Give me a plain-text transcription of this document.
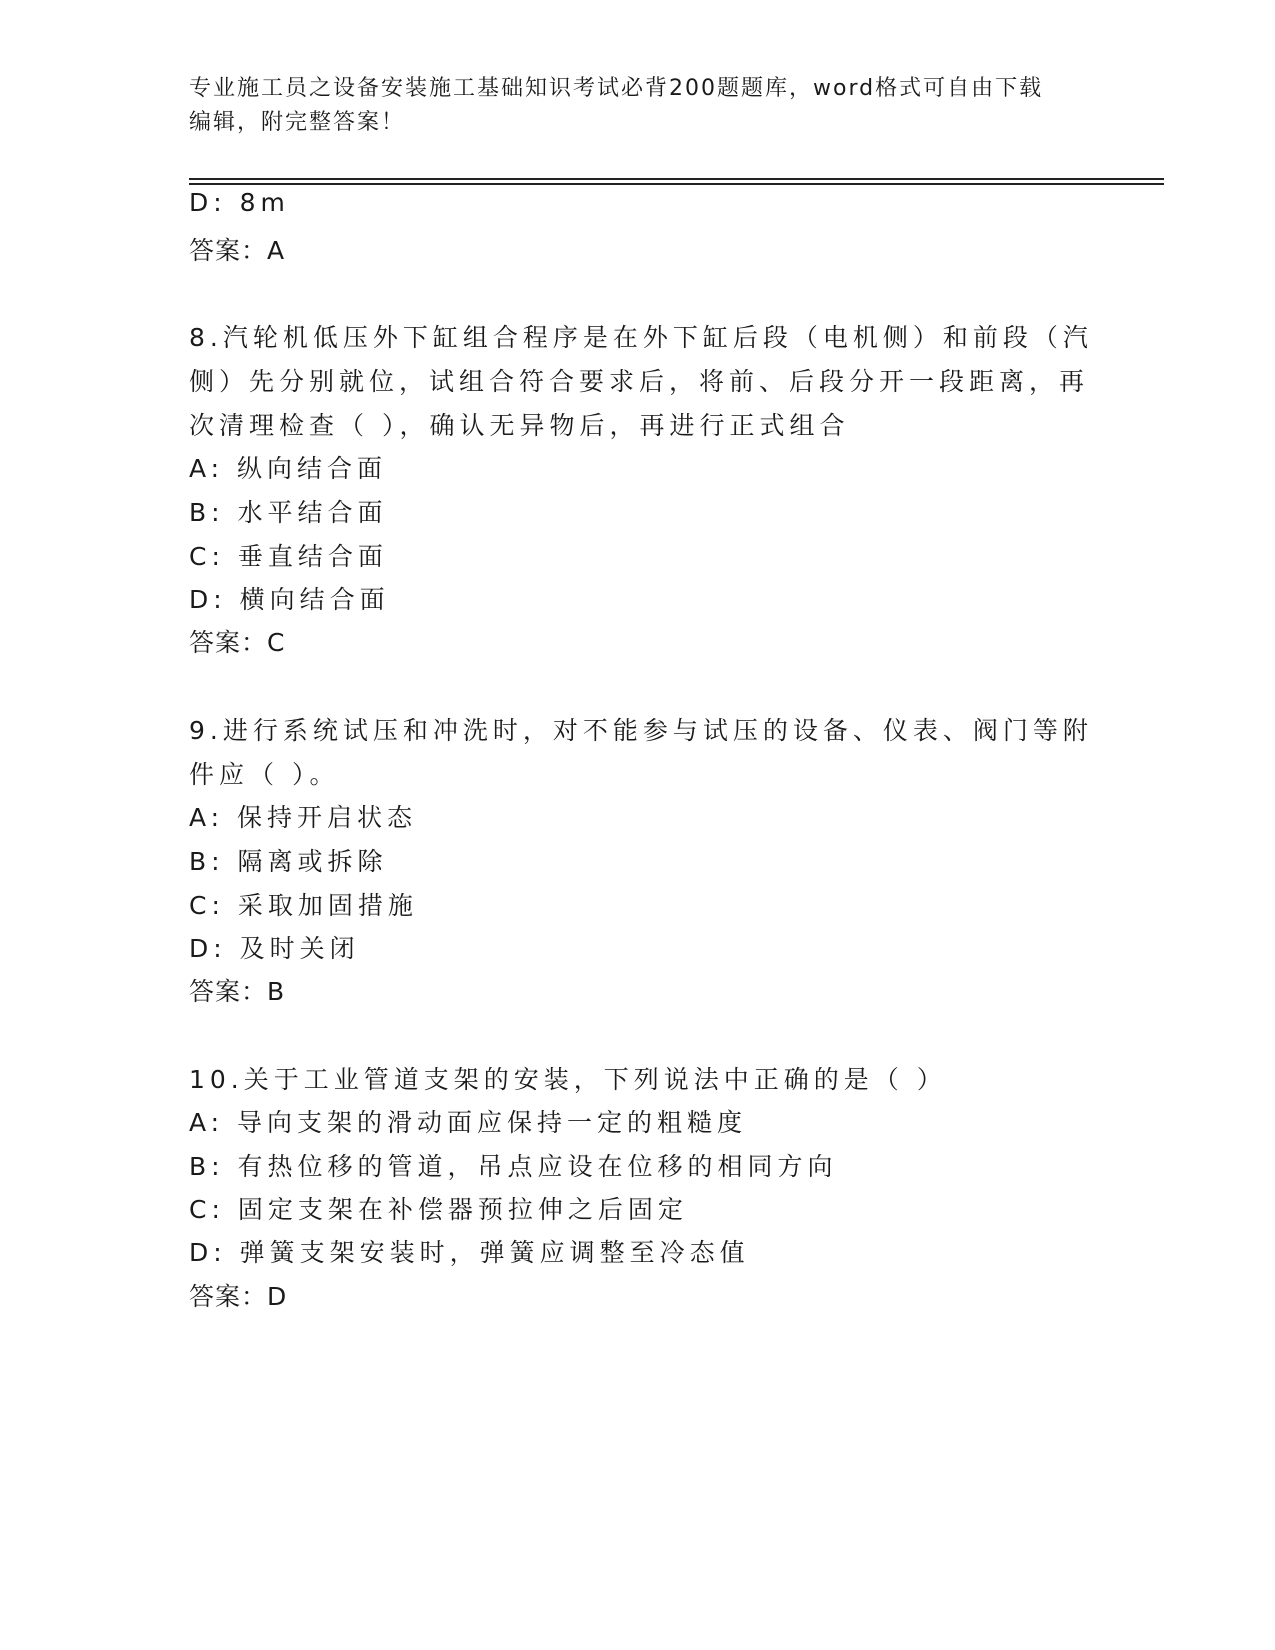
专业施工员之设备安装施工基础知识考试必背200题题库，word格式可自由下载
编辑，附完整答案！
D: 8m
答案：A
8.汽轮机低压外下缸组合程序是在外下缸后段（电机侧）和前段（汽
侧）先分别就位，试组合符合要求后，将前、后段分开一段距离，再
次清理检查（ ），确认无异物后，再进行正式组合
A: 纵向结合面
B: 水平结合面
C: 垂直结合面
D: 横向结合面
答案：C
9.进行系统试压和冲洗时，对不能参与试压的设备、仪表、阀门等附
件应（ ）。
A: 保持开启状态
B: 隔离或拆除
C: 采取加固措施
D: 及时关闭
答案：B
10.关于工业管道支架的安装，下列说法中正确的是（ ）
A: 导向支架的滑动面应保持一定的粗糙度
B: 有热位移的管道，吊点应设在位移的相同方向
C: 固定支架在补偿器预拉伸之后固定
D: 弹簧支架安装时，弹簧应调整至冷态值
答案：D
